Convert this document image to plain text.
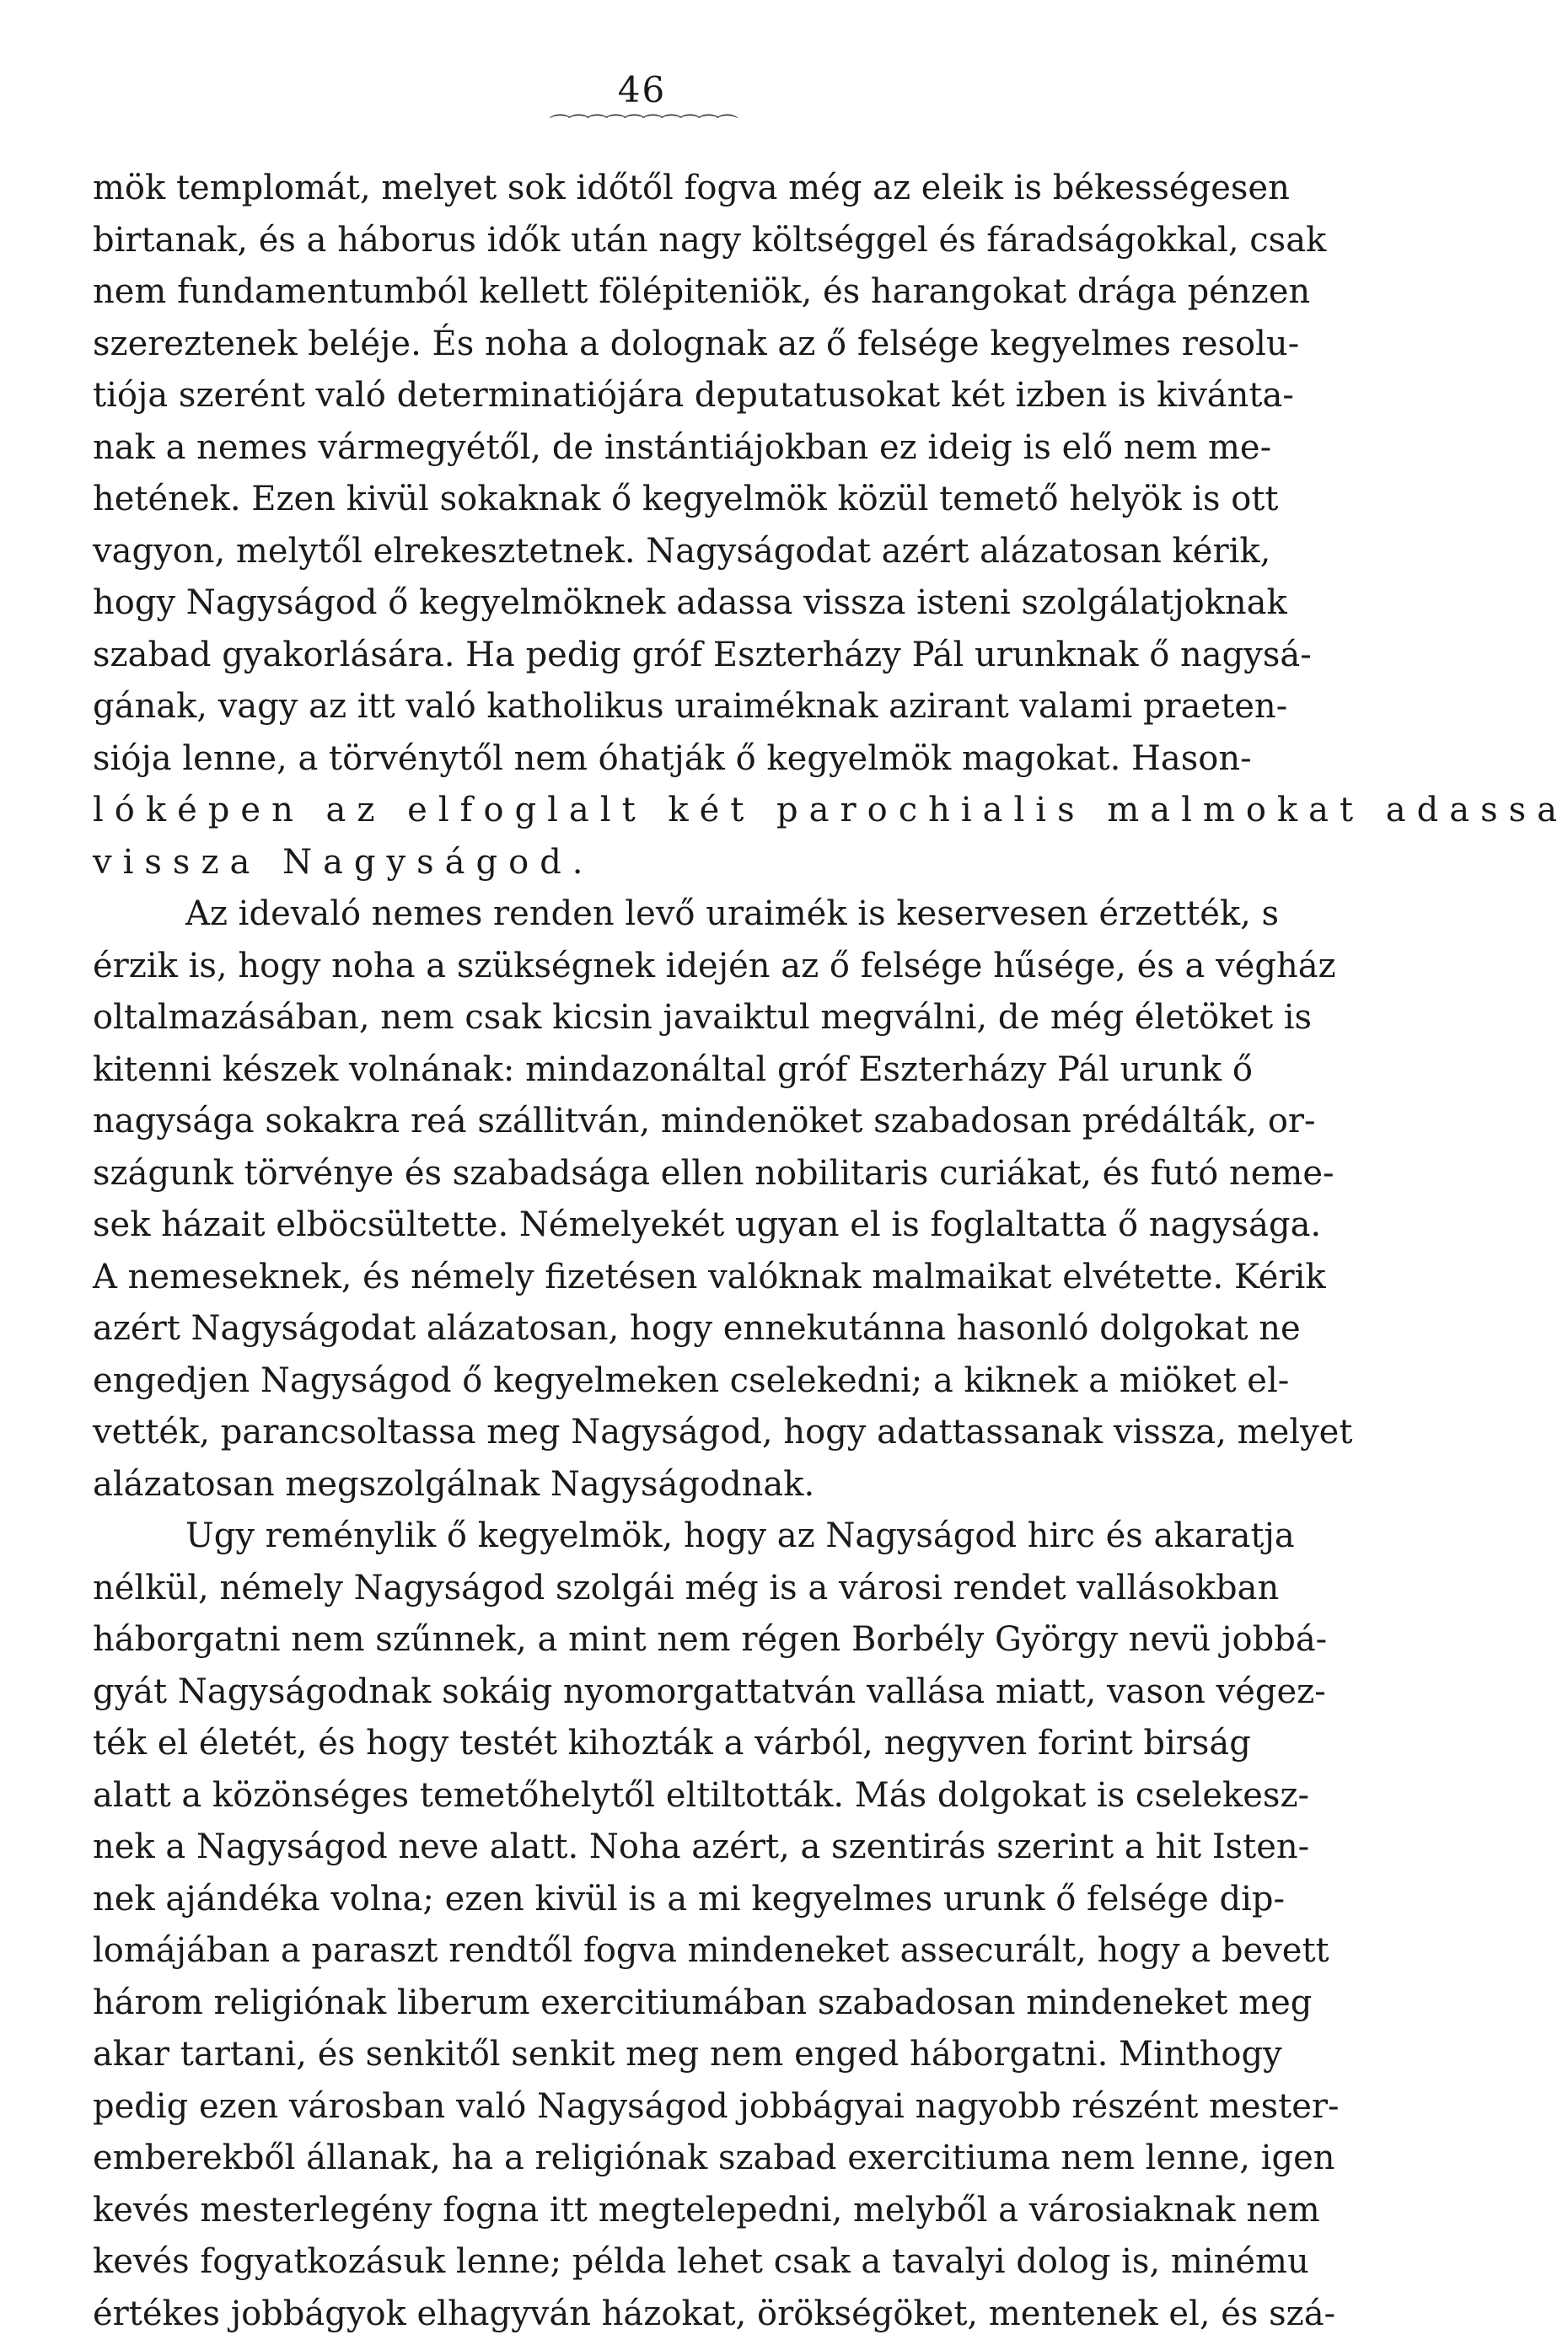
46
⌒⌒⌒⌒⌒⌒⌒⌒⌒⌒
mök templomát, melyet sok időtől fogva még az eleik is békességesen
birtanak, és a háborus idők után nagy költséggel és fáradságokkal, csak
nem fundamentumból kellett fölépiteniök, és harangokat drága pénzen
szereztenek beléje. És noha a dolognak az ő felsége kegyelmes resolu-
tiója szerént való determinatiójára deputatusokat két izben is kivánta-
nak a nemes vármegyétől, de instántiájokban ez ideig is elő nem me-
hetének. Ezen kivül sokaknak ő kegyelmök közül temető helyök is ott
vagyon, melytől elrekesztetnek. Nagyságodat azért alázatosan kérik,
hogy Nagyságod ő kegyelmöknek adassa vissza isteni szolgálatjoknak
szabad gyakorlására. Ha pedig gróf Eszterházy Pál urunknak ő nagysá-
gának, vagy az itt való katholikus uraiméknak azirant valami praeten-
siója lenne, a törvénytől nem óhatják ő kegyelmök magokat. Hason-
lóképen az elfoglalt két parochialis malmokat adassa
vissza Nagyságod.
Az idevaló nemes renden levő uraimék is keservesen érzették, s
érzik is, hogy noha a szükségnek idején az ő felsége hűsége, és a végház
oltalmazásában, nem csak kicsin javaiktul megválni, de még életöket is
kitenni készek volnának: mindazonáltal gróf Eszterházy Pál urunk ő
nagysága sokakra reá szállitván, mindenöket szabadosan prédálták, or-
szágunk törvénye és szabadsága ellen nobilitaris curiákat, és futó neme-
sek házait elböcsültette. Némelyekét ugyan el is foglaltatta ő nagysága.
A nemeseknek, és némely fizetésen valóknak malmaikat elvétette. Kérik
azért Nagyságodat alázatosan, hogy ennekutánna hasonló dolgokat ne
engedjen Nagyságod ő kegyelmeken cselekedni; a kiknek a miöket el-
vették, parancsoltassa meg Nagyságod, hogy adattassanak vissza, melyet
alázatosan megszolgálnak Nagyságodnak.
Ugy reménylik ő kegyelmök, hogy az Nagyságod hirc és akaratja
nélkül, némely Nagyságod szolgái még is a városi rendet vallásokban
háborgatni nem szűnnek, a mint nem régen Borbély György nevü jobbá-
gyát Nagyságodnak sokáig nyomorgattatván vallása miatt, vason végez-
ték el életét, és hogy testét kihozták a várból, negyven forint birság
alatt a közönséges temetőhelytől eltiltották. Más dolgokat is cselekesz-
nek a Nagyságod neve alatt. Noha azért, a szentirás szerint a hit Isten-
nek ajándéka volna; ezen kivül is a mi kegyelmes urunk ő felsége dip-
lomájában a paraszt rendtől fogva mindeneket assecurált, hogy a bevett
három religiónak liberum exercitiumában szabadosan mindeneket meg
akar tartani, és senkitől senkit meg nem enged háborgatni. Minthogy
pedig ezen városban való Nagyságod jobbágyai nagyobb részént mester-
emberekből állanak, ha a religiónak szabad exercitiuma nem lenne, igen
kevés mesterlegény fogna itt megtelepedni, melyből a városiaknak nem
kevés fogyatkozásuk lenne; példa lehet csak a tavalyi dolog is, minému
értékes jobbágyok elhagyván házokat, örökségöket, mentenek el, és szá-
